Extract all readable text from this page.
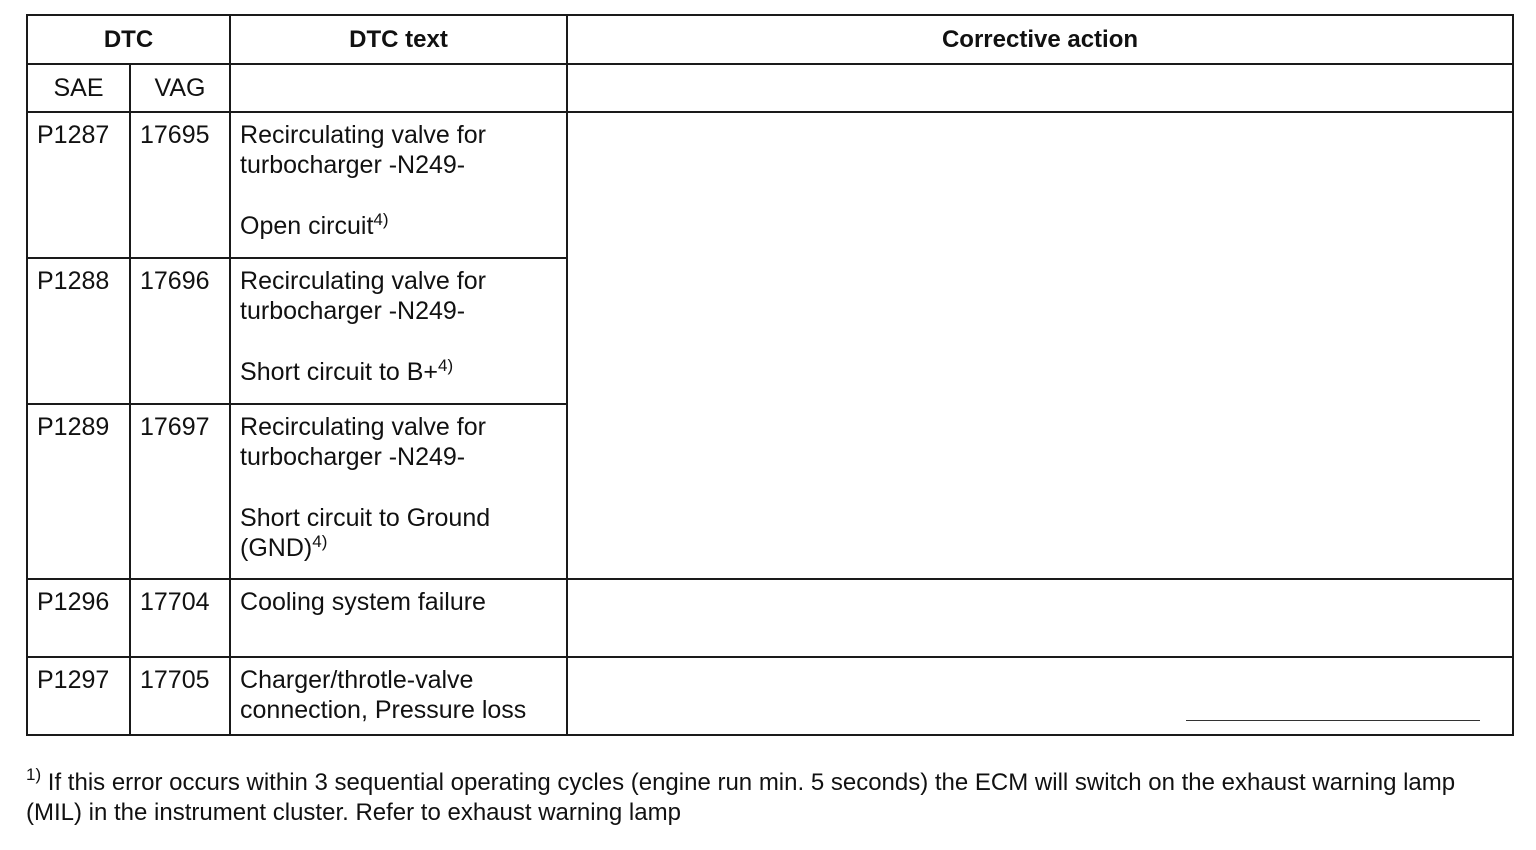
DTC		DTC text	Corrective action
SAE	VAG		
P1287	17695	Recirculating valve for
turbocharger -N249-
Open circuit$^{4)}$

P1288	17696	Recirculating valve for
turbocharger -N249-
Short circuit to B+$^{4)}$

P1289	17697	Recirculating valve for
turbocharger -N249-
Short circuit to Ground
(GND)$^{4)}$

P1296	17704	Cooling system failure	

P1297	17705	Charger/throtle-valve
connection, Pressure loss	

$^{1)}$ If this error occurs within 3 sequential operating cycles (engine run min. 5 seconds) the ECM will switch on the exhaust warning lamp (MIL) in the instrument cluster. Refer to exhaust warning lamp
